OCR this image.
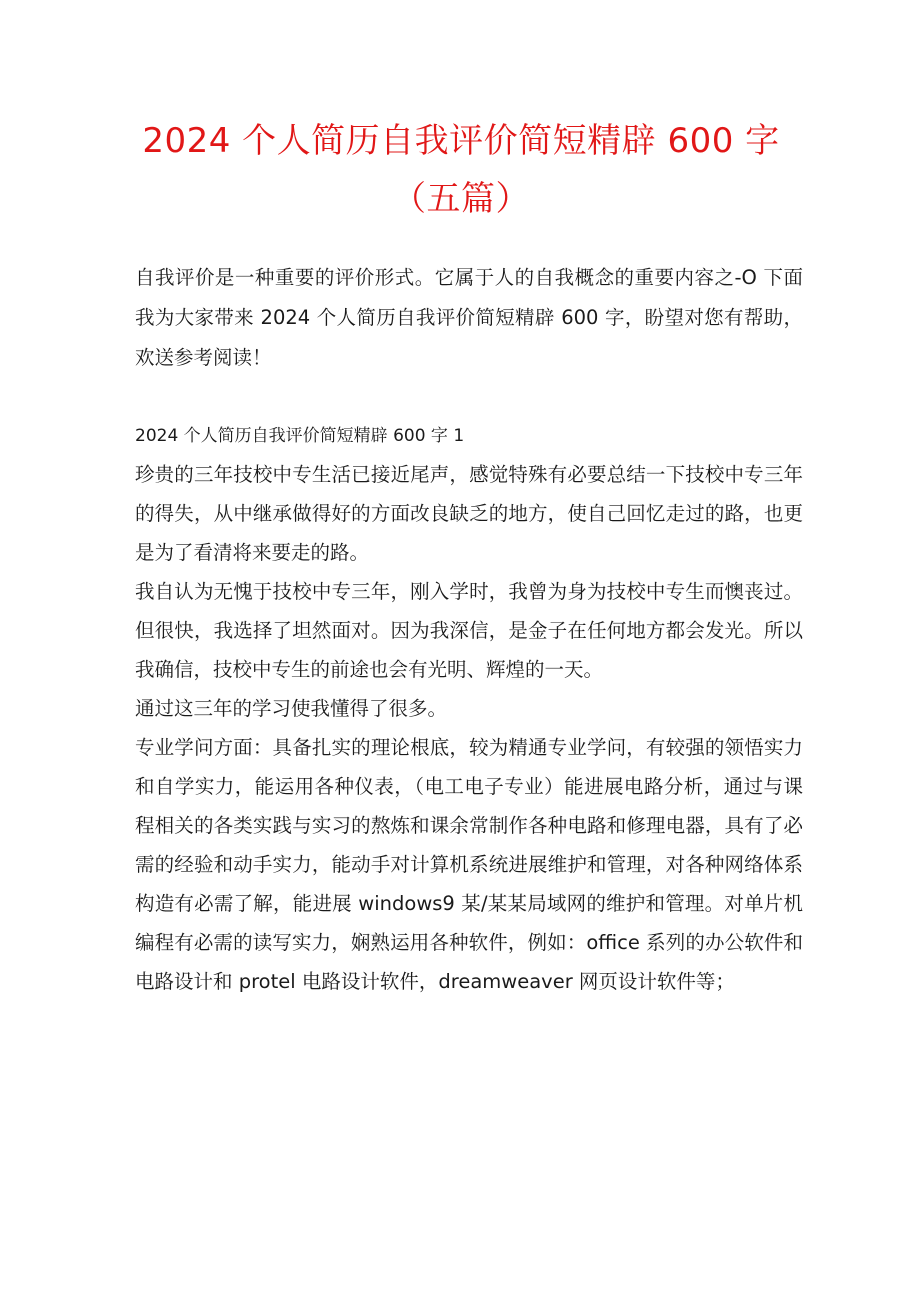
2024 个人简历自我评价简短精辟 600 字（五篇）

自我评价是一种重要的评价形式。它属于人的自我概念的重要内容之-O 下面我为大家带来 2024 个人简历自我评价简短精辟 600 字，盼望对您有帮助，欢送参考阅读！

2024 个人简历自我评价简短精辟 600 字 1

珍贵的三年技校中专生活已接近尾声，感觉特殊有必要总结一下技校中专三年的得失，从中继承做得好的方面改良缺乏的地方，使自己回忆走过的路，也更是为了看清将来要走的路。

我自认为无愧于技校中专三年，刚入学时，我曾为身为技校中专生而懊丧过。但很快，我选择了坦然面对。因为我深信，是金子在任何地方都会发光。所以我确信，技校中专生的前途也会有光明、辉煌的一天。

通过这三年的学习使我懂得了很多。

专业学问方面：具备扎实的理论根底，较为精通专业学问，有较强的领悟实力和自学实力，能运用各种仪表，（电工电子专业）能进展电路分析，通过与课程相关的各类实践与实习的熬炼和课余常制作各种电路和修理电器，具有了必需的经验和动手实力，能动手对计算机系统进展维护和管理，对各种网络体系构造有必需了解，能进展 windows9 某/某某局域网的维护和管理。对单片机编程有必需的读写实力，娴熟运用各种软件，例如：office 系列的办公软件和电路设计和 protel 电路设计软件，dreamweaver 网页设计软件等；
